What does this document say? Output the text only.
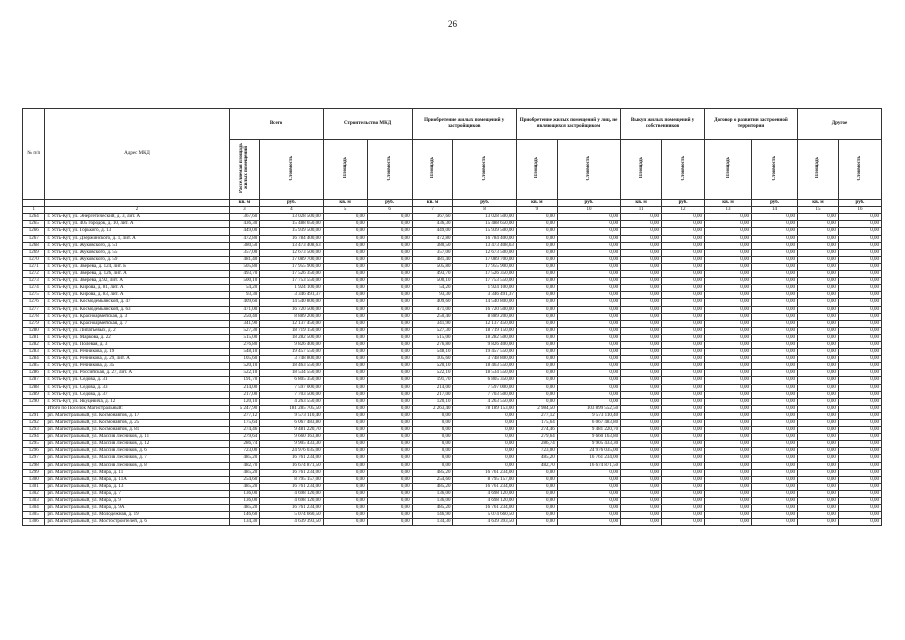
26
№ п/п	Адрес МКД	Всего		Строительство МКД		Приобретение жилых помещений у застройщиков		Приобретение жилых помещений у лиц, не являющихся застройщиком		Выкуп жилых помещений у собственников		Договор о развитии застроенной территории		Другое	
		Расселяемая площадь жилых помещений	Стоимость	Площадь	Стоимость	Площадь	Стоимость	Площадь	Стоимость	Площадь	Стоимость	Площадь	Стоимость	Площадь	Стоимость
		кв. м	руб.	кв. м	руб.	кв. м	руб.	кв. м	руб.	кв. м	руб.	кв. м	руб.	кв. м	руб.
1	2	3	4	5	6	7	8	9	10	11	12	13	14	15	16
1264	г. Усть-Кут, ул. Энергетический, д. 3, лит. А	367,60	13 028 500,00	0,00	0,00	367,60	13 028 500,00	0,00	0,00	0,00	0,00	0,00	0,00	0,00	0,00
1265	г. Усть-Кут, ул. 405 городок, д. 10, лит. А	436,30	15 488 650,00	0,00	0,00	436,30	15 488 650,00	0,00	0,00	0,00	0,00	0,00	0,00	0,00	0,00
1266	г. Усть-Кут, ул. Горького, д. 13	449,00	15 939 500,00	0,00	0,00	449,00	15 939 500,00	0,00	0,00	0,00	0,00	0,00	0,00	0,00	0,00
1267	г. Усть-Кут, ул. Дзержинского, д. 1, лит. А	472,80	16 784 400,00	0,00	0,00	472,80	16 784 400,00	0,00	0,00	0,00	0,00	0,00	0,00	0,00	0,00
1268	г. Усть-Кут, ул. Жуковского, д. 51	380,50	13 473 408,63	0,00	0,00	380,50	13 473 408,63	0,00	0,00	0,00	0,00	0,00	0,00	0,00	0,00
1269	г. Усть-Кут, ул. Жуковского, д. 55	357,00	12 673 500,00	0,00	0,00	357,00	12 673 500,00	0,00	0,00	0,00	0,00	0,00	0,00	0,00	0,00
1270	г. Усть-Кут, ул. Жуковского, д. 59	481,40	17 089 700,00	0,00	0,00	481,40	17 089 700,00	0,00	0,00	0,00	0,00	0,00	0,00	0,00	0,00
1271	г. Усть-Кут, ул. Зверева, д. 124, лит. Б	505,80	17 955 900,00	0,00	0,00	505,80	17 955 900,00	0,00	0,00	0,00	0,00	0,00	0,00	0,00	0,00
1272	г. Усть-Кут, ул. Зверева, д. 126, лит. А	493,70	17 526 350,00	0,00	0,00	493,70	17 526 350,00	0,00	0,00	0,00	0,00	0,00	0,00	0,00	0,00
1273	г. Усть-Кут, ул. Зверева, д.92, лит. А	500,10	17 753 550,00	0,00	0,00	500,10	17 753 550,00	0,00	0,00	0,00	0,00	0,00	0,00	0,00	0,00
1274	г. Усть-Кут, ул. Кирова, д. 81, лит. А	54,20	1 924 100,00	0,00	0,00	54,20	1 924 100,00	0,00	0,00	0,00	0,00	0,00	0,00	0,00	0,00
1275	г. Усть-Кут, ул. Кирова, д. 83, лит. А	93,30	3 346 491,37	0,00	0,00	93,30	3 346 491,37	0,00	0,00	0,00	0,00	0,00	0,00	0,00	0,00
1276	г. Усть-Кут, ул. Космодемьянской, д. 47	409,60	14 540 800,00	0,00	0,00	409,60	14 540 800,00	0,00	0,00	0,00	0,00	0,00	0,00	0,00	0,00
1277	г. Усть-Кут, ул. Космодемьянской, д. 63	471,00	16 720 500,00	0,00	0,00	471,00	16 720 500,00	0,00	0,00	0,00	0,00	0,00	0,00	0,00	0,00
1278	г. Усть-Кут, ул. Красноармейская, д. 3	250,40	8 889 200,00	0,00	0,00	250,40	8 889 200,00	0,00	0,00	0,00	0,00	0,00	0,00	0,00	0,00
1279	г. Усть-Кут, ул. Красноармейская, д. 7	341,90	12 137 450,00	0,00	0,00	341,90	12 137 450,00	0,00	0,00	0,00	0,00	0,00	0,00	0,00	0,00
1280	г. Усть-Кут, ул. Липатьевых, д. 2	527,30	18 719 150,00	0,00	0,00	527,30	18 719 150,00	0,00	0,00	0,00	0,00	0,00	0,00	0,00	0,00
1281	г. Усть-Кут, ул. Маркова, д. 22	515,00	18 282 500,00	0,00	0,00	515,00	18 282 500,00	0,00	0,00	0,00	0,00	0,00	0,00	0,00	0,00
1282	г. Усть-Кут, ул. Полевая, д. 3	276,80	9 826 400,00	0,00	0,00	276,80	9 826 400,00	0,00	0,00	0,00	0,00	0,00	0,00	0,00	0,00
1283	г. Усть-Кут, ул. Речникова, д. 19	548,10	19 457 550,00	0,00	0,00	548,10	19 457 550,00	0,00	0,00	0,00	0,00	0,00	0,00	0,00	0,00
1284	г. Усть-Кут, ул. Речникова, д. 29, лит. А	105,60	3 748 800,00	0,00	0,00	105,60	3 748 800,00	0,00	0,00	0,00	0,00	0,00	0,00	0,00	0,00
1285	г. Усть-Кут, ул. Речникова, д. 35	520,10	18 463 550,00	0,00	0,00	520,10	18 463 550,00	0,00	0,00	0,00	0,00	0,00	0,00	0,00	0,00
1286	г. Усть-Кут, ул. Российская, д. 27, лит. А	522,10	18 534 550,00	0,00	0,00	522,10	18 534 550,00	0,00	0,00	0,00	0,00	0,00	0,00	0,00	0,00
1287	г. Усть-Кут, ул. Седова, д. 31	191,70	6 805 350,00	0,00	0,00	191,70	6 805 350,00	0,00	0,00	0,00	0,00	0,00	0,00	0,00	0,00
1288	г. Усть-Кут, ул. Седова, д. 33	214,00	7 597 000,00	0,00	0,00	214,00	7 597 000,00	0,00	0,00	0,00	0,00	0,00	0,00	0,00	0,00
1289	г. Усть-Кут, ул. Седова, д. 37	217,00	7 703 500,00	0,00	0,00	217,00	7 703 500,00	0,00	0,00	0,00	0,00	0,00	0,00	0,00	0,00
1290	г. Усть-Кут, ул. Якуцевича, д. 12	120,10	4 263 550,00	0,00	0,00	120,10	4 263 550,00	0,00	0,00	0,00	0,00	0,00	0,00	0,00	0,00
	Итого по Поселок Магистральный:	5 247,90	181 285 705,50	0,00	0,00	2 263,40	78 189 153,00	2 984,50	103 899 552,50	0,00	0,00	0,00	0,00	0,00	0,00
1291	рп. Магистральный, ул. Космонавтов, д. 17	277,12	9 573 110,40	0,00	0,00	0,00	0,00	277,12	9 573 110,40	0,00	0,00	0,00	0,00	0,00	0,00
1292	рп. Магистральный, ул. Космонавтов, д. 25	175,64	6 067 483,80	0,00	0,00	0,00	0,00	175,64	6 067 483,80	0,00	0,00	0,00	0,00	0,00	0,00
1293	рп. Магистральный, ул. Космонавтов, д. 81	274,46	9 481 220,70	0,00	0,00	0,00	0,00	274,46	9 481 220,70	0,00	0,00	0,00	0,00	0,00	0,00
1294	рп. Магистральный, ул. Массив Лесников, д. 11	279,64	9 660 163,80	0,00	0,00	0,00	0,00	279,64	9 660 163,80	0,00	0,00	0,00	0,00	0,00	0,00
1295	рп. Магистральный, ул. Массив Лесников, д. 12	286,74	9 905 433,30	0,00	0,00	0,00	0,00	286,74	9 905 433,30	0,00	0,00	0,00	0,00	0,00	0,00
1296	рп. Магистральный, ул. Массив Лесников, д. 6	723,00	24 976 035,00	0,00	0,00	0,00	0,00	723,00	24 976 035,00	0,00	0,00	0,00	0,00	0,00	0,00
1297	рп. Магистральный, ул. Массив Лесников, д. 7	485,20	16 761 234,00	0,00	0,00	0,00	0,00	485,20	16 761 234,00	0,00	0,00	0,00	0,00	0,00	0,00
1298	рп. Магистральный, ул. Массив Лесников, д. 8	482,70	16 674 871,50	0,00	0,00	0,00	0,00	482,70	16 674 871,50	0,00	0,00	0,00	0,00	0,00	0,00
1299	рп. Магистральный, ул. Мира, д. 11	485,20	16 761 234,00	0,00	0,00	485,20	16 761 234,00	0,00	0,00	0,00	0,00	0,00	0,00	0,00	0,00
1300	рп. Магистральный, ул. Мира, д. 11А	254,60	8 795 157,00	0,00	0,00	254,60	8 795 157,00	0,00	0,00	0,00	0,00	0,00	0,00	0,00	0,00
1301	рп. Магистральный, ул. Мира, д. 13	485,20	16 761 234,00	0,00	0,00	485,20	16 761 234,00	0,00	0,00	0,00	0,00	0,00	0,00	0,00	0,00
1302	рп. Магистральный, ул. Мира, д. 7	136,00	4 698 120,00	0,00	0,00	136,00	4 698 120,00	0,00	0,00	0,00	0,00	0,00	0,00	0,00	0,00
1303	рп. Магистральный, ул. Мира, д. 9	136,00	4 698 120,00	0,00	0,00	136,00	4 698 120,00	0,00	0,00	0,00	0,00	0,00	0,00	0,00	0,00
1304	рп. Магистральный, ул. Мира, д. 9А	485,20	16 761 234,00	0,00	0,00	485,20	16 761 234,00	0,00	0,00	0,00	0,00	0,00	0,00	0,00	0,00
1305	рп. Магистральный, ул. Молодежная, д. 19	146,60	5 074 660,50	0,00	0,00	146,90	5 074 660,50	0,00	0,00	0,00	0,00	0,00	0,00	0,00	0,00
1306	рп. Магистральный, ул. Мостостроителей, д. 6	134,30	4 639 393,50	0,00	0,00	134,30	4 639 393,50	0,00	0,00	0,00	0,00	0,00	0,00	0,00	0,00
